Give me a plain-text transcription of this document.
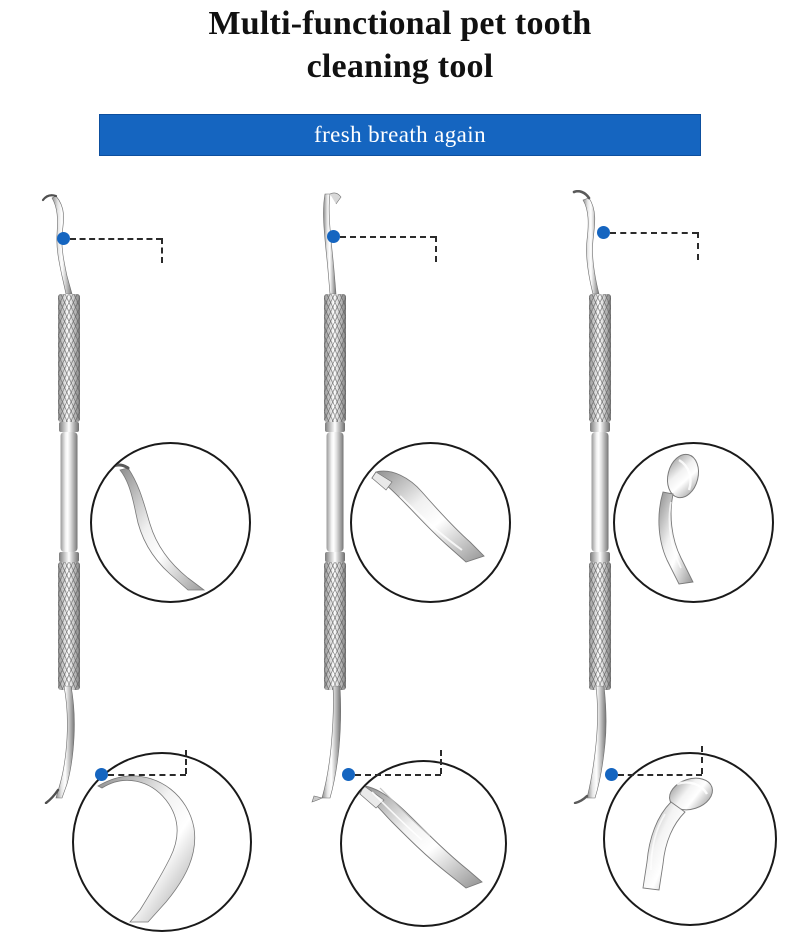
Multi-functional pet tooth
cleaning tool
fresh breath again
